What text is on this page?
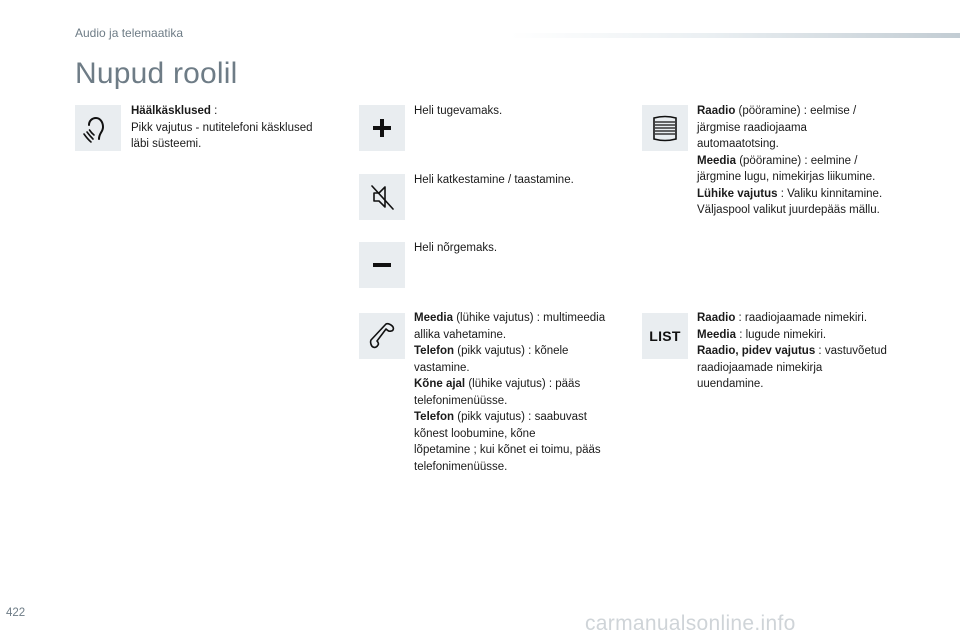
Audio ja telemaatika
Nupud roolil
Häälkäsklused :
Pikk vajutus - nutitelefoni käsklused
läbi süsteemi.
Heli tugevamaks.
Heli katkestamine / taastamine.
Heli nõrgemaks.
Meedia (lühike vajutus) : multimeedia
allika vahetamine.
Telefon (pikk vajutus) : kõnele
vastamine.
Kõne ajal (lühike vajutus) : pääs
telefonimenüüsse.
Telefon (pikk vajutus) : saabuvast
kõnest loobumine, kõne
lõpetamine ; kui kõnet ei toimu, pääs
telefonimenüüsse.
Raadio (pööramine) : eelmise /
järgmise raadiojaama
automaatotsing.
Meedia (pööramine) : eelmine /
järgmine lugu, nimekirjas liikumine.
Lühike vajutus : Valiku kinnitamine.
Väljaspool valikut juurdepääs mällu.
LIST
Raadio : raadiojaamade nimekiri.
Meedia : lugude nimekiri.
Raadio, pidev vajutus : vastuvõetud
raadiojaamade nimekirja
uuendamine.
422	carmanualsonline.info
